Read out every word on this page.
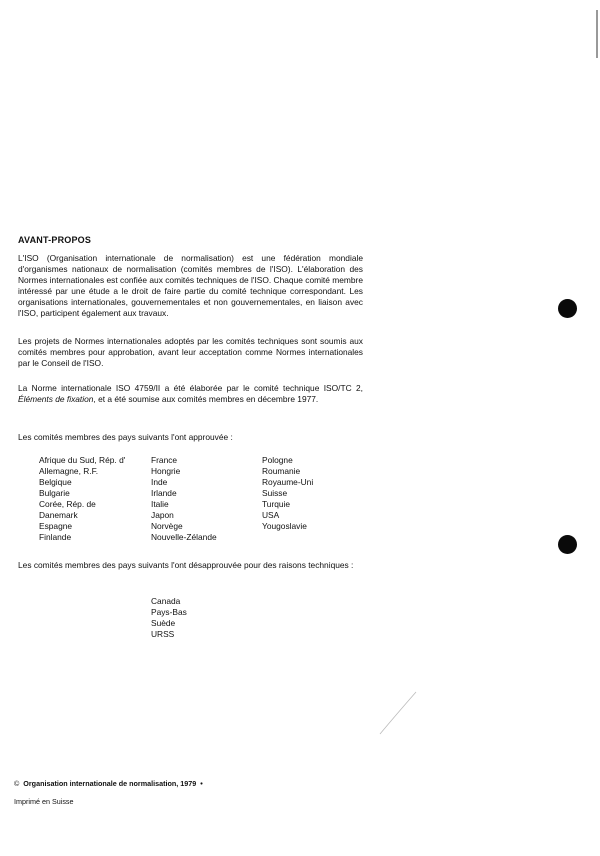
AVANT-PROPOS
L'ISO (Organisation internationale de normalisation) est une fédération mondiale d'organismes nationaux de normalisation (comités membres de l'ISO). L'élaboration des Normes internationales est confiée aux comités techniques de l'ISO. Chaque comité membre intéressé par une étude a le droit de faire partie du comité technique correspondant. Les organisations internationales, gouvernementales et non gouvernementales, en liaison avec l'ISO, participent également aux travaux.
Les projets de Normes internationales adoptés par les comités techniques sont soumis aux comités membres pour approbation, avant leur acceptation comme Normes internationales par le Conseil de l'ISO.
La Norme internationale ISO 4759/II a été élaborée par le comité technique ISO/TC 2, Éléments de fixation, et a été soumise aux comités membres en décembre 1977.
Les comités membres des pays suivants l'ont approuvée :
Afrique du Sud, Rép. d'
Allemagne, R.F.
Belgique
Bulgarie
Corée, Rép. de
Danemark
Espagne
Finlande
France
Hongrie
Inde
Irlande
Italie
Japon
Norvège
Nouvelle-Zélande
Pologne
Roumanie
Royaume-Uni
Suisse
Turquie
USA
Yougoslavie
Les comités membres des pays suivants l'ont désapprouvée pour des raisons techniques :
Canada
Pays-Bas
Suède
URSS
© Organisation internationale de normalisation, 1979 •
Imprimé en Suisse
